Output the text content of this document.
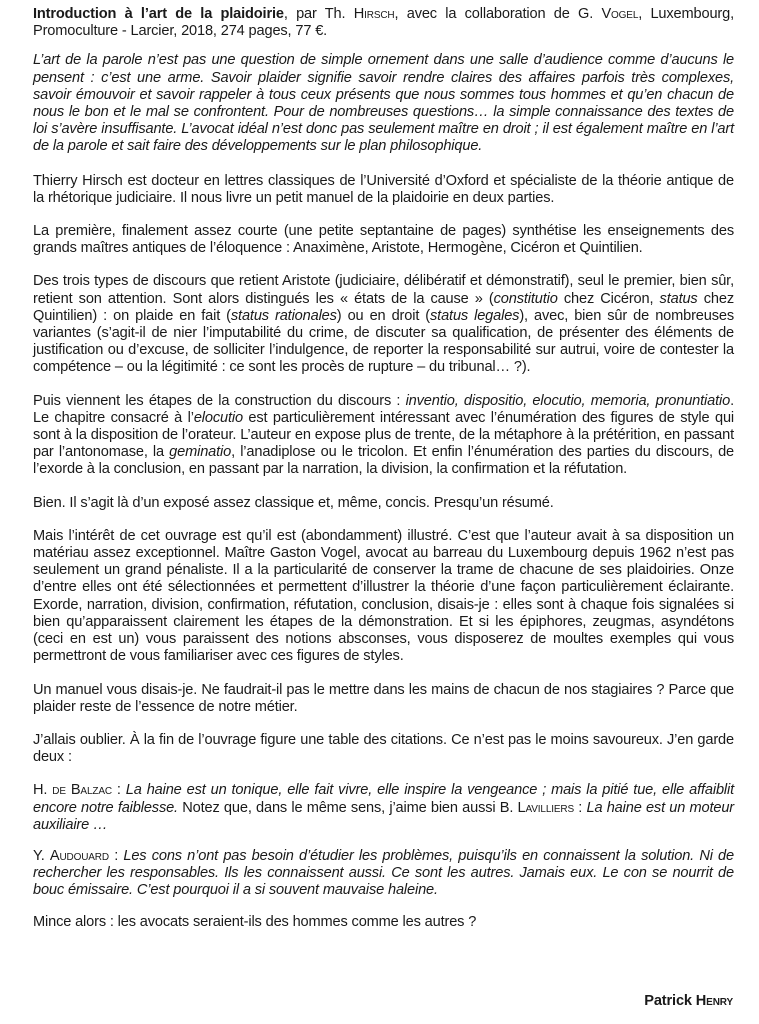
Introduction à l’art de la plaidoirie, par Th. Hirsch, avec la collaboration de G. Vogel, Luxembourg, Promoculture - Larcier, 2018, 274 pages, 77 €.

L’art de la parole n’est pas une question de simple ornement dans une salle d’audience comme d’aucuns le pensent : c’est une arme. Savoir plaider signifie savoir rendre claires des affaires parfois très complexes, savoir émouvoir et savoir rappeler à tous ceux présents que nous sommes tous hommes et qu’en chacun de nous le bon et le mal se confrontent. Pour de nombreuses questions… la simple connaissance des textes de loi s’avère insuffisante. L’avocat idéal n’est donc pas seulement maître en droit ; il est également maître en l’art de la parole et sait faire des développements sur le plan philosophique.

Thierry Hirsch est docteur en lettres classiques de l’Université d’Oxford et spécialiste de la théorie antique de la rhétorique judiciaire. Il nous livre un petit manuel de la plaidoirie en deux parties.

La première, finalement assez courte (une petite septantaine de pages) synthétise les enseignements des grands maîtres antiques de l’éloquence : Anaximène, Aristote, Hermogène, Cicéron et Quintilien.

Des trois types de discours que retient Aristote (judiciaire, délibératif et démonstratif), seul le premier, bien sûr, retient son attention. Sont alors distingués les « états de la cause » (constitutio chez Cicéron, status chez Quintilien) : on plaide en fait (status rationales) ou en droit (status legales), avec, bien sûr de nombreuses variantes (s’agit-il de nier l’imputabilité du crime, de discuter sa qualification, de présenter des éléments de justification ou d’excuse, de solliciter l’indulgence, de reporter la responsabilité sur autrui, voire de contester la compétence – ou la légitimité : ce sont les procès de rupture – du tribunal… ?).

Puis viennent les étapes de la construction du discours : inventio, dispositio, elocutio, memoria, pronuntiatio. Le chapitre consacré à l’elocutio est particulièrement intéressant avec l’énumération des figures de style qui sont à la disposition de l’orateur. L’auteur en expose plus de trente, de la métaphore à la prétérition, en passant par l’antonomase, la geminatio, l’anadiplose ou le tricolon. Et enfin l’énumération des parties du discours, de l’exorde à la conclusion, en passant par la narration, la division, la confirmation et la réfutation.

Bien. Il s’agit là d’un exposé assez classique et, même, concis. Presqu’un résumé.

Mais l’intérêt de cet ouvrage est qu’il est (abondamment) illustré. C’est que l’auteur avait à sa disposition un matériau assez exceptionnel. Maître Gaston Vogel, avocat au barreau du Luxembourg depuis 1962 n’est pas seulement un grand pénaliste. Il a la particularité de conserver la trame de chacune de ses plaidoiries. Onze d’entre elles ont été sélectionnées et permettent d’illustrer la théorie d’une façon particulièrement éclairante. Exorde, narration, division, confirmation, réfutation, conclusion, disais-je : elles sont à chaque fois signalées si bien qu’apparaissent clairement les étapes de la démonstration. Et si les épiphores, zeugmas, asyndétons (ceci en est un) vous paraissent des notions absconses, vous disposerez de moultes exemples qui vous permettront de vous familiariser avec ces figures de styles.

Un manuel vous disais-je. Ne faudrait-il pas le mettre dans les mains de chacun de nos stagiaires ? Parce que plaider reste de l’essence de notre métier.

J’allais oublier. À la fin de l’ouvrage figure une table des citations. Ce n’est pas le moins savoureux. J’en garde deux :

H. de Balzac : La haine est un tonique, elle fait vivre, elle inspire la vengeance ; mais la pitié tue, elle affaiblit encore notre faiblesse. Notez que, dans le même sens, j’aime bien aussi B. Lavilliers : La haine est un moteur auxiliaire …

Y. Audouard : Les cons n’ont pas besoin d’étudier les problèmes, puisqu’ils en connaissent la solution. Ni de rechercher les responsables. Ils les connaissent aussi. Ce sont les autres. Jamais eux. Le con se nourrit de bouc émissaire. C’est pourquoi il a si souvent mauvaise haleine.

Mince alors : les avocats seraient-ils des hommes comme les autres ?

Patrick Henry
